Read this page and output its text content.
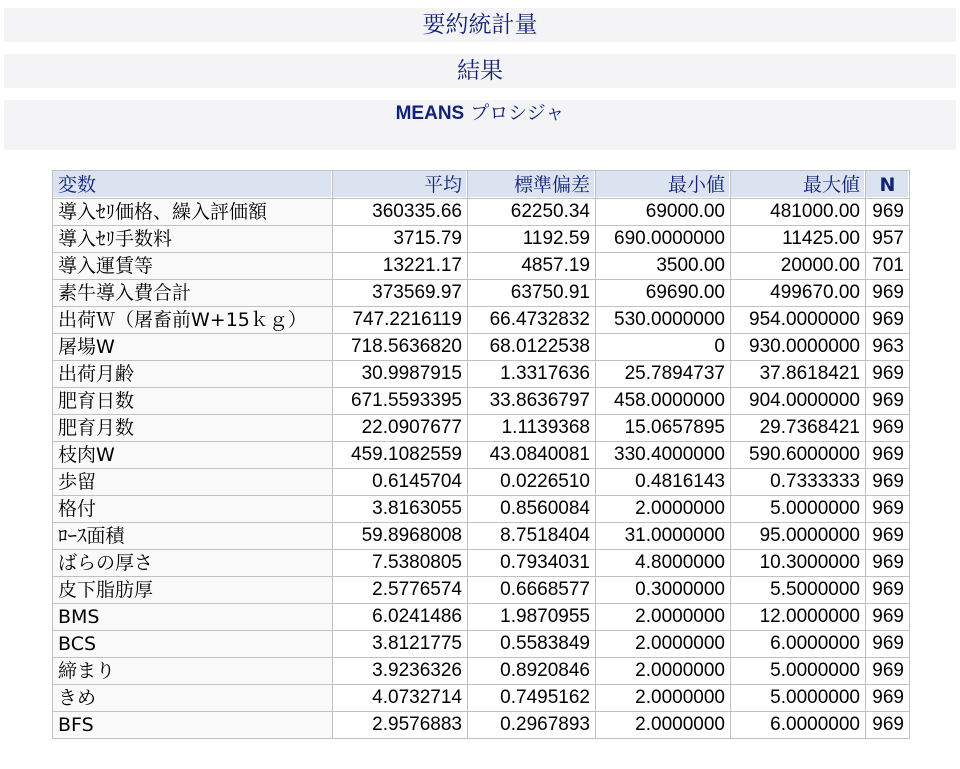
要約統計量
結果
MEANS プロシジャ
変数	平均	標準偏差	最小値	最大値	N
導入ｾﾘ価格、繰入評価額	360335.66	62250.34	69000.00	481000.00	969
導入ｾﾘ手数料	3715.79	1192.59	690.0000000	11425.00	957
導入運賃等	13221.17	4857.19	3500.00	20000.00	701
素牛導入費合計	373569.97	63750.91	69690.00	499670.00	969
出荷Ｗ（屠畜前W+15ｋｇ）	747.2216119	66.4732832	530.0000000	954.0000000	969
屠場W	718.5636820	68.0122538	0	930.0000000	963
出荷月齢	30.9987915	1.3317636	25.7894737	37.8618421	969
肥育日数	671.5593395	33.8636797	458.0000000	904.0000000	969
肥育月数	22.0907677	1.1139368	15.0657895	29.7368421	969
枝肉W	459.1082559	43.0840081	330.4000000	590.6000000	969
歩留	0.6145704	0.0226510	0.4816143	0.7333333	969
格付	3.8163055	0.8560084	2.0000000	5.0000000	969
ﾛｰｽ面積	59.8968008	8.7518404	31.0000000	95.0000000	969
ばらの厚さ	7.5380805	0.7934031	4.8000000	10.3000000	969
皮下脂肪厚	2.5776574	0.6668577	0.3000000	5.5000000	969
BMS	6.0241486	1.9870955	2.0000000	12.0000000	969
BCS	3.8121775	0.5583849	2.0000000	6.0000000	969
締まり	3.9236326	0.8920846	2.0000000	5.0000000	969
きめ	4.0732714	0.7495162	2.0000000	5.0000000	969
BFS	2.9576883	0.2967893	2.0000000	6.0000000	969
